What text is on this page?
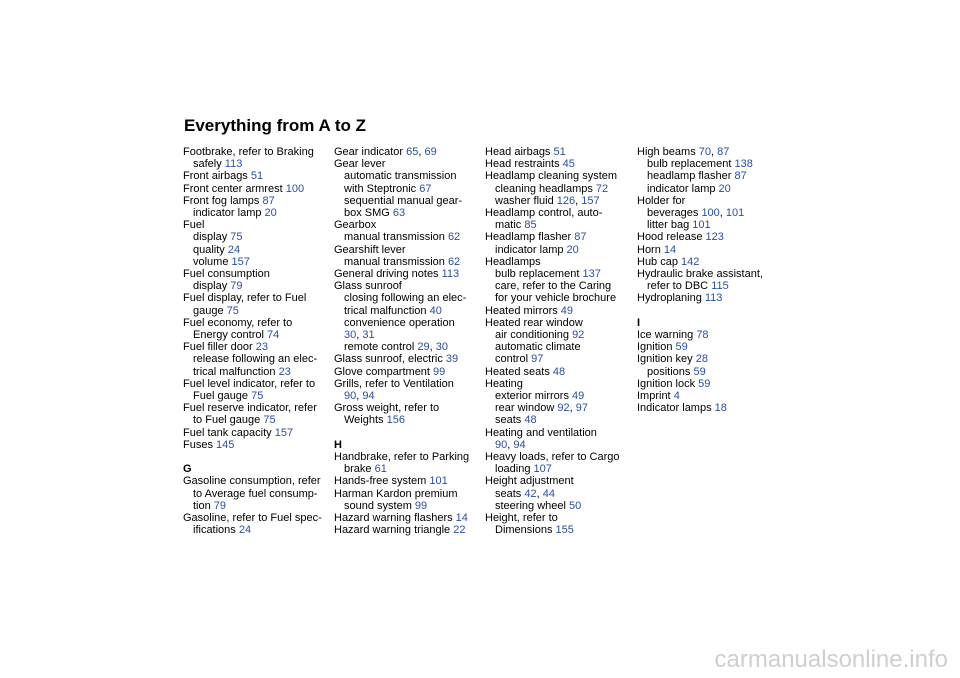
Everything from A to Z
Footbrake, refer to Braking
safely 113
Front airbags 51
Front center armrest 100
Front fog lamps 87
indicator lamp 20
Fuel
display 75
quality 24
volume 157
Fuel consumption
display 79
Fuel display, refer to Fuel
gauge 75
Fuel economy, refer to
Energy control 74
Fuel filler door 23
release following an elec-
trical malfunction 23
Fuel level indicator, refer to
Fuel gauge 75
Fuel reserve indicator, refer
to Fuel gauge 75
Fuel tank capacity 157
Fuses 145
G
Gasoline consumption, refer
to Average fuel consump-
tion 79
Gasoline, refer to Fuel spec-
ifications 24
Gear indicator 65, 69
Gear lever
automatic transmission
with Steptronic 67
sequential manual gear-
box SMG 63
Gearbox
manual transmission 62
Gearshift lever
manual transmission 62
General driving notes 113
Glass sunroof
closing following an elec-
trical malfunction 40
convenience operation
30, 31
remote control 29, 30
Glass sunroof, electric 39
Glove compartment 99
Grills, refer to Ventilation
90, 94
Gross weight, refer to
Weights 156
H
Handbrake, refer to Parking
brake 61
Hands-free system 101
Harman Kardon premium
sound system 99
Hazard warning flashers 14
Hazard warning triangle 22
Head airbags 51
Head restraints 45
Headlamp cleaning system
cleaning headlamps 72
washer fluid 126, 157
Headlamp control, auto-
matic 85
Headlamp flasher 87
indicator lamp 20
Headlamps
bulb replacement 137
care, refer to the Caring
for your vehicle brochure
Heated mirrors 49
Heated rear window
air conditioning 92
automatic climate
control 97
Heated seats 48
Heating
exterior mirrors 49
rear window 92, 97
seats 48
Heating and ventilation
90, 94
Heavy loads, refer to Cargo
loading 107
Height adjustment
seats 42, 44
steering wheel 50
Height, refer to
Dimensions 155
High beams 70, 87
bulb replacement 138
headlamp flasher 87
indicator lamp 20
Holder for
beverages 100, 101
litter bag 101
Hood release 123
Horn 14
Hub cap 142
Hydraulic brake assistant,
refer to DBC 115
Hydroplaning 113
I
Ice warning 78
Ignition 59
Ignition key 28
positions 59
Ignition lock 59
Imprint 4
Indicator lamps 18
carmanualsonline.info
